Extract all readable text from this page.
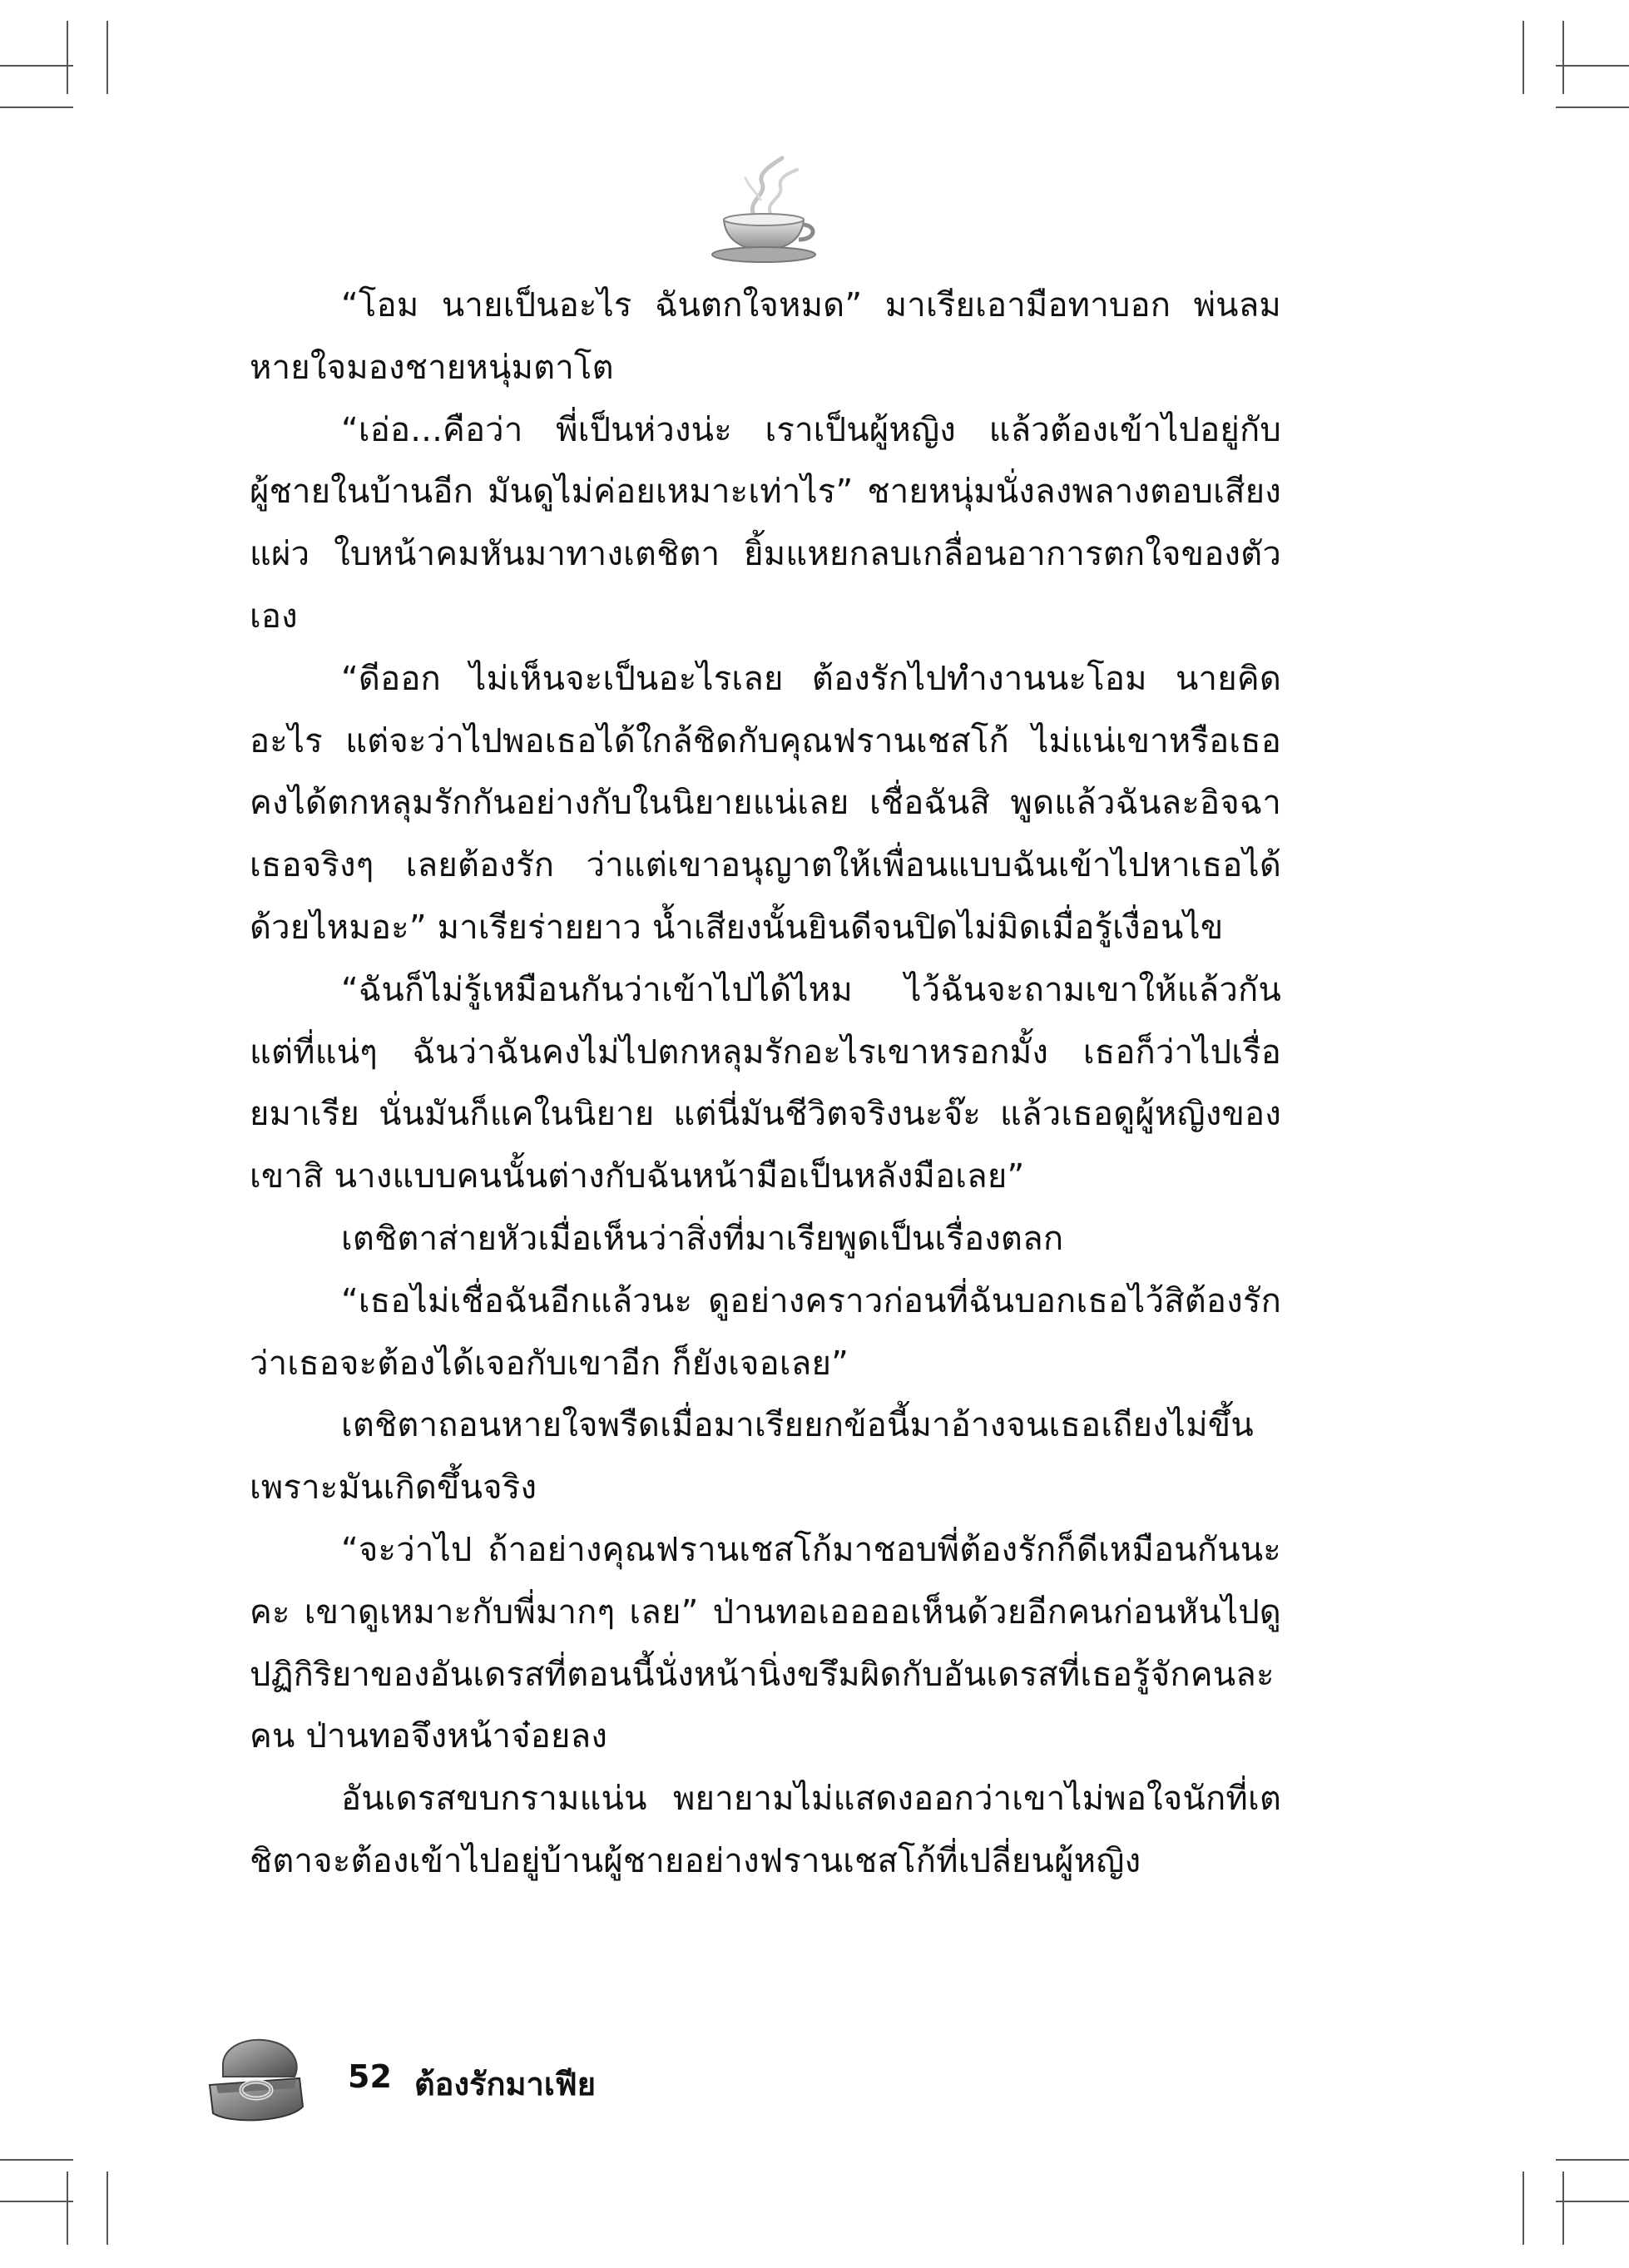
“โอม นายเป็นอะไร ฉันตกใจหมด” มาเรียเอามือทาบอก พ่นลมหายใจมองชายหนุ่มตาโต

“เอ่อ...คือว่า พี่เป็นห่วงน่ะ เราเป็นผู้หญิง แล้วต้องเข้าไปอยู่กับผู้ชายในบ้านอีก มันดูไม่ค่อยเหมาะเท่าไร” ชายหนุ่มนั่งลงพลางตอบเสียงแผ่ว ใบหน้าคมหันมาทางเตชิตา ยิ้มแหยกลบเกลื่อนอาการตกใจของตัวเอง

“ดีออก ไม่เห็นจะเป็นอะไรเลย ต้องรักไปทำงานนะโอม นายคิดอะไร แต่จะว่าไปพอเธอได้ใกล้ชิดกับคุณฟรานเชสโก้ ไม่แน่เขาหรือเธอคงได้ตกหลุมรักกันอย่างกับในนิยายแน่เลย เชื่อฉันสิ พูดแล้วฉันละอิจฉาเธอจริงๆ เลยต้องรัก ว่าแต่เขาอนุญาตให้เพื่อนแบบฉันเข้าไปหาเธอได้ด้วยไหมอะ” มาเรียร่ายยาว น้ำเสียงนั้นยินดีจนปิดไม่มิดเมื่อรู้เงื่อนไข

“ฉันก็ไม่รู้เหมือนกันว่าเข้าไปได้ไหม ไว้ฉันจะถามเขาให้แล้วกัน แต่ที่แน่ๆ ฉันว่าฉันคงไม่ไปตกหลุมรักอะไรเขาหรอกมั้ง เธอก็ว่าไปเรื่อยมาเรีย นั่นมันก็แคในนิยาย แต่นี่มันชีวิตจริงนะจ๊ะ แล้วเธอดูผู้หญิงของเขาสิ นางแบบคนนั้นต่างกับฉันหน้ามือเป็นหลังมือเลย”

เตชิตาส่ายหัวเมื่อเห็นว่าสิ่งที่มาเรียพูดเป็นเรื่องตลก

“เธอไม่เชื่อฉันอีกแล้วนะ ดูอย่างคราวก่อนที่ฉันบอกเธอไว้สิต้องรัก ว่าเธอจะต้องได้เจอกับเขาอีก ก็ยังเจอเลย”

เตชิตาถอนหายใจพรืดเมื่อมาเรียยกข้อนี้มาอ้างจนเธอเถียงไม่ขึ้นเพราะมันเกิดขึ้นจริง

“จะว่าไป ถ้าอย่างคุณฟรานเชสโก้มาชอบพี่ต้องรักก็ดีเหมือนกันนะคะ เขาดูเหมาะกับพี่มากๆ เลย” ป่านทอเออออเห็นด้วยอีกคนก่อนหันไปดูปฏิกิริยาของอันเดรสที่ตอนนี้นั่งหน้านิ่งขรึมผิดกับอันเดรสที่เธอรู้จักคนละคน ป่านทอจึงหน้าจ๋อยลง

อันเดรสขบกรามแน่น พยายามไม่แสดงออกว่าเขาไม่พอใจนักที่เตชิตาจะต้องเข้าไปอยู่บ้านผู้ชายอย่างฟรานเชสโก้ที่เปลี่ยนผู้หญิง

52 ต้องรักมาเฟีย
